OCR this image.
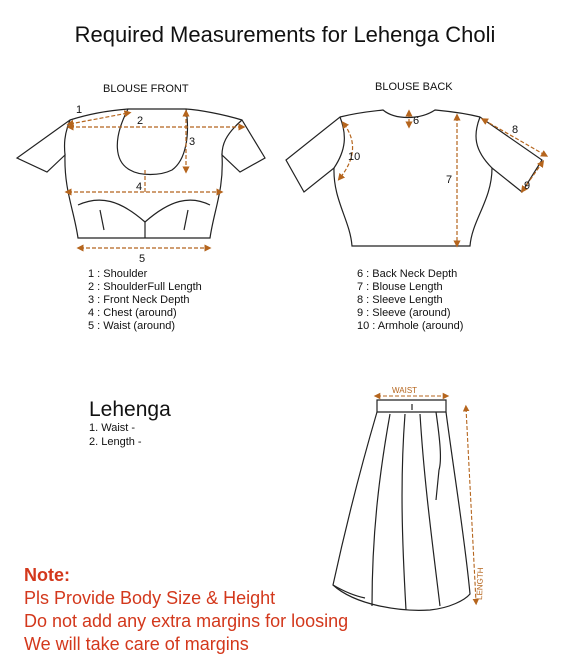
Required Measurements for Lehenga Choli
BLOUSE FRONT	BLOUSE BACK
1
2
3
4
5
6
7
8
9
10
WAIST
LENGTH
1 : Shoulder
2 : ShoulderFull Length
3 : Front Neck Depth
4 : Chest (around)
5 : Waist (around)
6 : Back Neck Depth
7 : Blouse Length
8 : Sleeve Length
9 : Sleeve (around)
10 : Armhole (around)
Lehenga
1. Waist -
2. Length -
Note:
Pls Provide Body Size & Height
Do not add any extra margins for loosing
We will take care of margins
